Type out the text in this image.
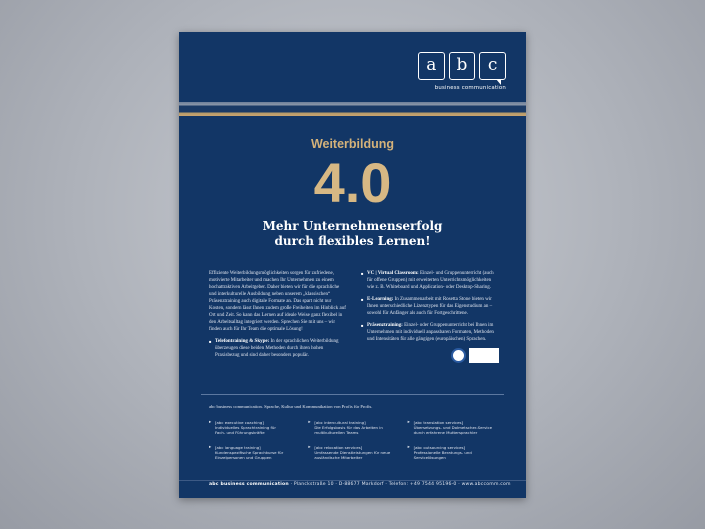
a	b	c
business communication
Weiterbildung
4.0
Mehr Unternehmenserfolg
durch flexibles Lernen!

Effiziente Weiterbildungsmöglichkeiten sorgen für zufriedene, motivierte Mitarbeiter und machen Ihr Unternehmen zu einem hochattraktiven Arbeitgeber. Daher bieten wir für die sprachliche und interkulturelle Ausbildung neben unserem „klassischen“ Präsenztraining auch digitale Formate an. Das spart nicht nur Kosten, sondern lässt Ihnen zudem große Freiheiten im Hinblick auf Ort und Zeit. So kann das Lernen auf ideale Weise ganz flexibel in den Arbeitsalltag integriert werden. Sprechen Sie mit uns – wir finden auch für Ihr Team die optimale Lösung!

■ Telefontraining & Skype: In der sprachlichen Weiterbildung überzeugen diese beiden Methoden durch ihren hohen Praxisbezug und sind daher besonders populär.

■ VC | Virtual Classroom: Einzel- und Gruppenunterricht (auch für offene Gruppen) mit erweiterten Unterrichtsmöglichkeiten wie z. B. Whiteboard und Application- oder Desktop-Sharing.

■ E-Learning: In Zusammenarbeit mit Rosetta Stone bieten wir Ihnen unterschiedliche Lizenztypen für das Eigenstudium an – sowohl für Anfänger als auch für Fortgeschrittene.

■ Präsenztraining: Einzel- oder Gruppenunterricht bei Ihnen im Unternehmen mit individuell anpassbaren Formaten, Methoden und Intensitäten für alle gängigen (europäischen) Sprachen.

abc business communication. Sprache, Kultur und Kommunikation von Profis für Profis.
▸ [abc executive coaching]
Individuelles Sprachtraining für
Fach- und Führungskräfte
▸ [abc intercultural training]
Die Erfolgsbasis für das Arbeiten in
multikulturellen Teams
▸ [abc translation services]
Übersetzungs- und Dolmetscher-Service
durch erfahrene Muttersprachler
▸ [abc language training]
Kundenspezifische Sprachkurse für
Einzelpersonen und Gruppen
▸ [abc relocation services]
Umfassende Dienstleistungen für neue
ausländische Mitarbeiter
▸ [abc outsourcing services]
Professionelle Beratungs- und
Servicelösungen
abc business communication · Planckstraße 10 · D-88677 Markdorf · Telefon: +49 7544 95196-0 · www.abccomm.com
